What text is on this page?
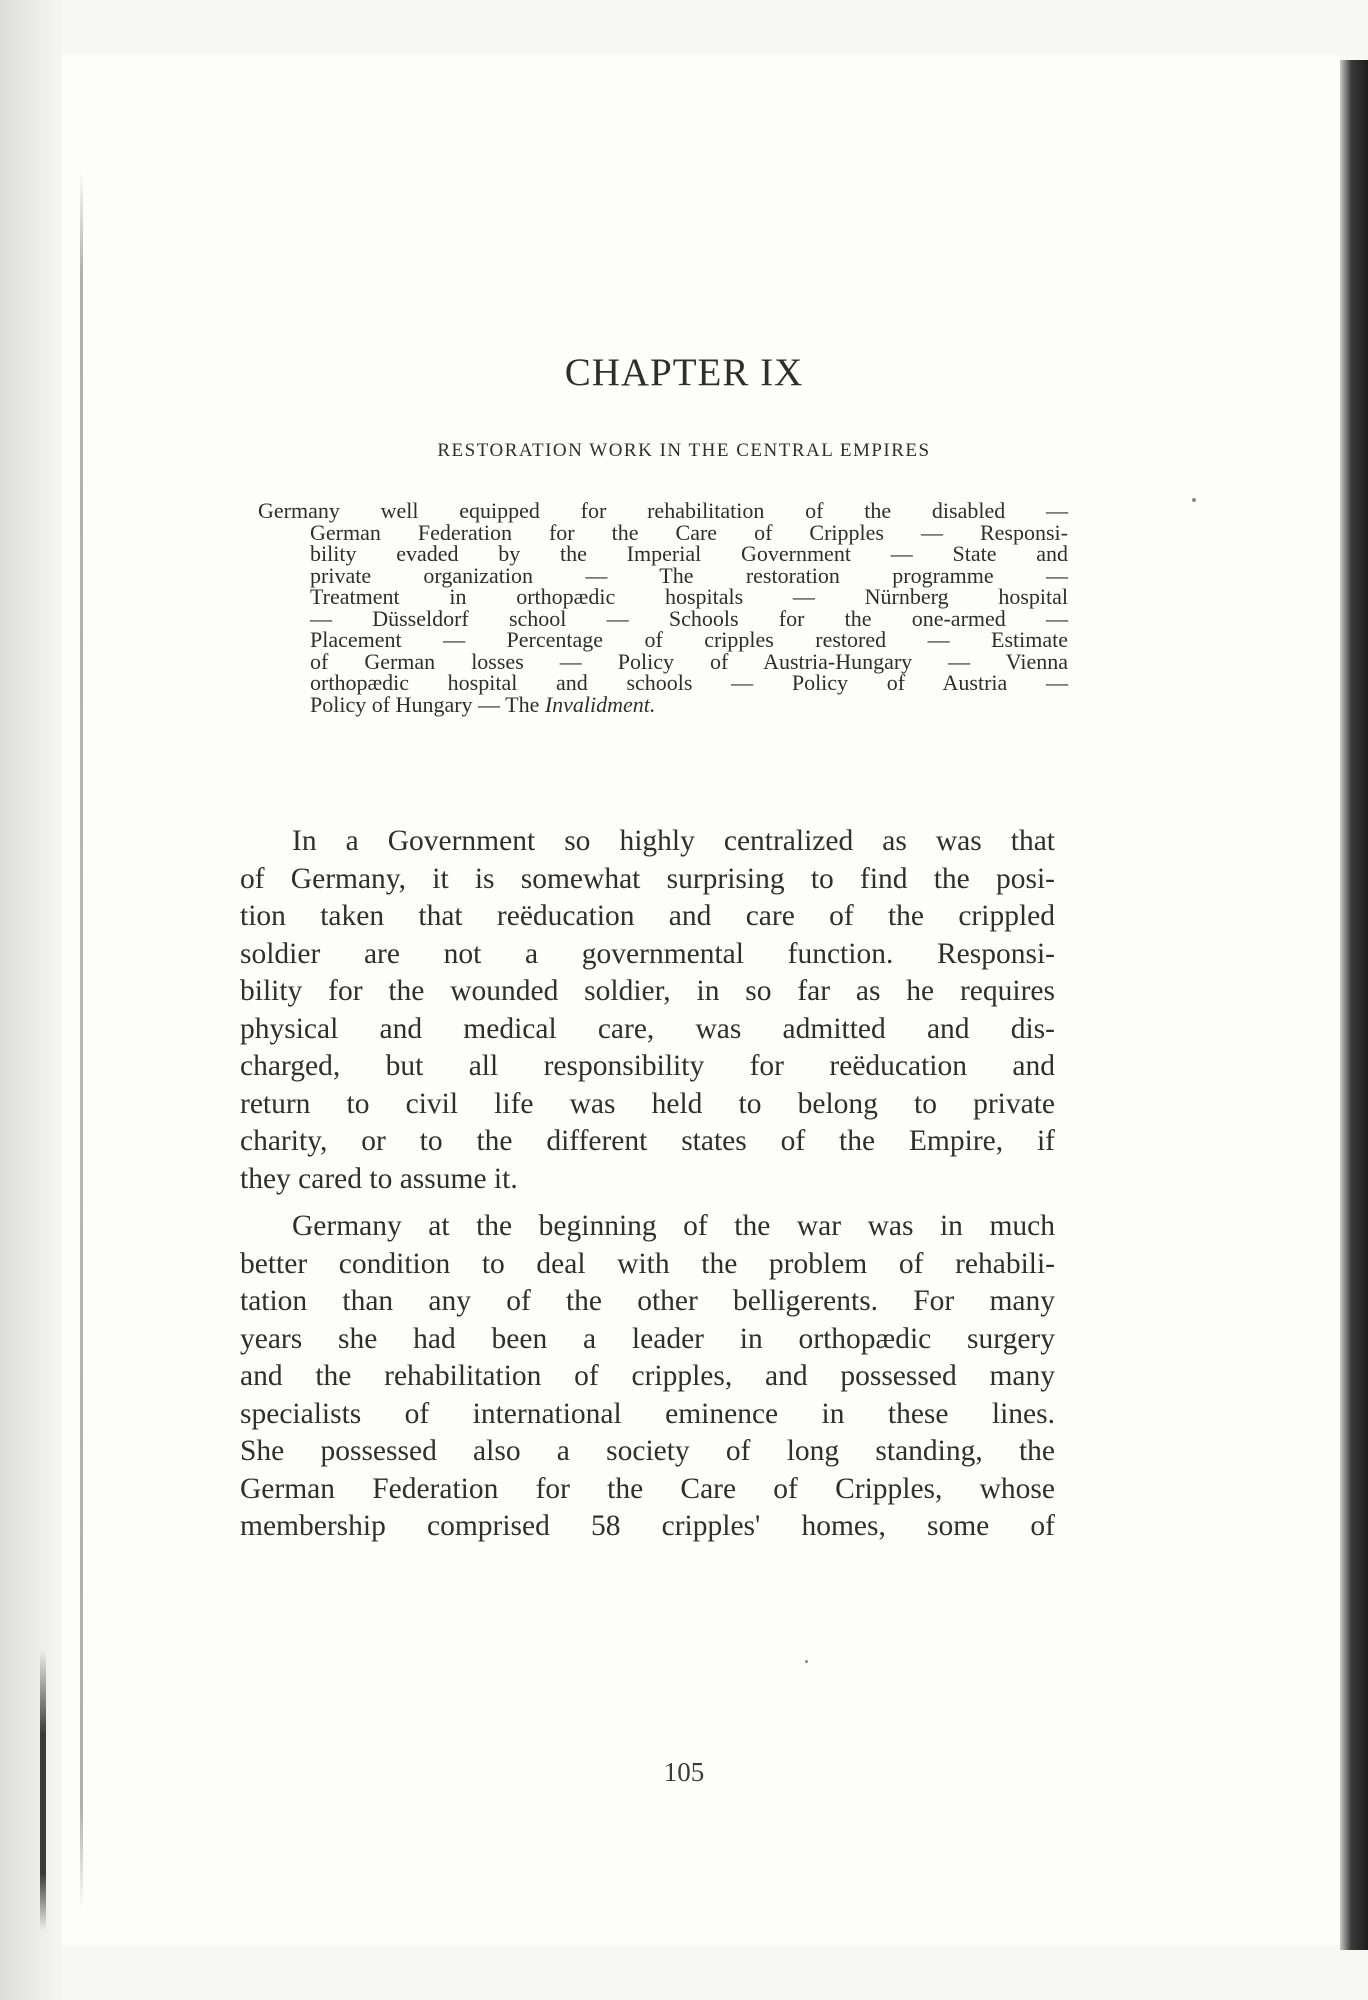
CHAPTER IX
RESTORATION WORK IN THE CENTRAL EMPIRES
Germany well equipped for rehabilitation of the disabled —
German Federation for the Care of Cripples — Responsi-
bility evaded by the Imperial Government — State and
private organization — The restoration programme —
Treatment in orthopædic hospitals — Nürnberg hospital
— Düsseldorf school — Schools for the one-armed —
Placement — Percentage of cripples restored — Estimate
of German losses — Policy of Austria-Hungary — Vienna
orthopædic hospital and schools — Policy of Austria —
Policy of Hungary — The Invalidment.

In a Government so highly centralized as was that
of Germany, it is somewhat surprising to find the posi-
tion taken that reëducation and care of the crippled
soldier are not a governmental function. Responsi-
bility for the wounded soldier, in so far as he requires
physical and medical care, was admitted and dis-
charged, but all responsibility for reëducation and
return to civil life was held to belong to private
charity, or to the different states of the Empire, if
they cared to assume it.

Germany at the beginning of the war was in much
better condition to deal with the problem of rehabili-
tation than any of the other belligerents. For many
years she had been a leader in orthopædic surgery
and the rehabilitation of cripples, and possessed many
specialists of international eminence in these lines.
She possessed also a society of long standing, the
German Federation for the Care of Cripples, whose
membership comprised 58 cripples' homes, some of

105
